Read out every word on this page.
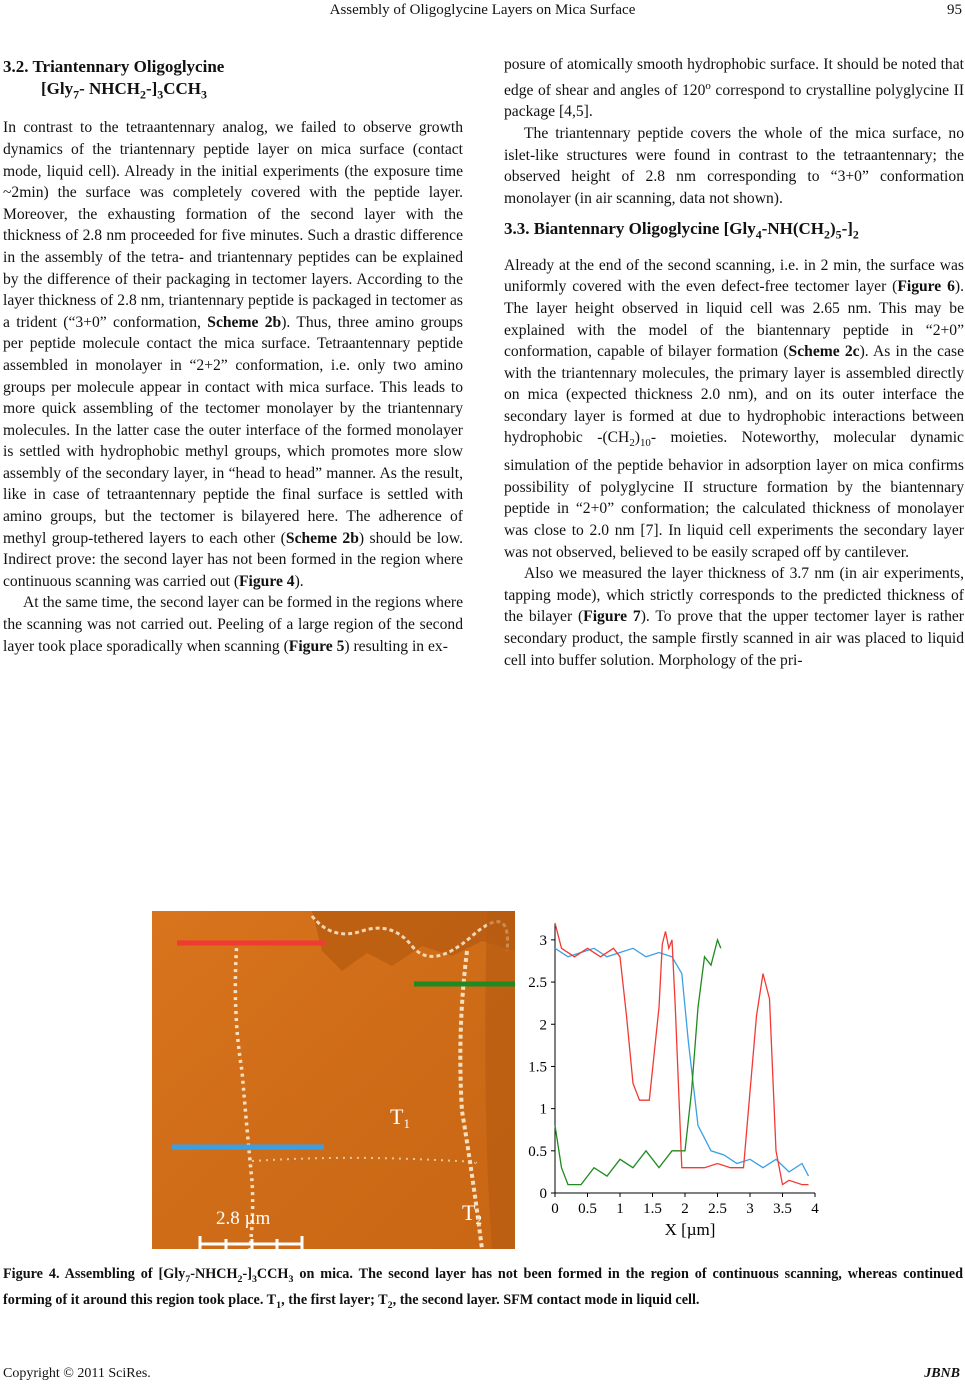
Assembly of Oligoglycine Layers on Mica Surface	95
3.2. Triantennary Oligoglycine
[Gly$_7$- $NHCH_2-]_3CCH_3$

In contrast to the tetraantennary analog, we failed to observe growth dynamics of the triantennary peptide layer on mica surface (contact mode, liquid cell). Already in the initial experiments (the exposure time ~2min) the surface was completely covered with the peptide layer. Moreover, the exhausting formation of the second layer with the thickness of 2.8 nm proceeded for five minutes. Such a drastic difference in the assembly of the tetra- and triantennary peptides can be explained by the difference of their packaging in tectomer layers. According to the layer thickness of 2.8 nm, triantennary peptide is packaged in tectomer as a trident (“3+0” conformation, Scheme 2b). Thus, three amino groups per peptide molecule contact the mica surface. Tetraantennary peptide assembled in monolayer in “2+2” conformation, i.e. only two amino groups per molecule appear in contact with mica surface. This leads to more quick assembling of the tectomer monolayer by the triantennary molecules. In the latter case the outer interface of the formed monolayer is settled with hydrophobic methyl groups, which promotes more slow assembly of the secondary layer, in “head to head” manner. As the result, like in case of tetraantennary peptide the final surface is settled with amino groups, but the tectomer is bilayered here. The adherence of methyl group-tethered layers to each other (Scheme 2b) should be low. Indirect prove: the second layer has not been formed in the region where continuous scanning was carried out (Figure 4).

At the same time, the second layer can be formed in the regions where the scanning was not carried out. Peeling of a large region of the second layer took place sporadically when scanning (Figure 5) resulting in ex-

posure of atomically smooth hydrophobic surface. It should be noted that edge of shear and angles of 120$^o$ correspond to crystalline polyglycine II package [4,5].

The triantennary peptide covers the whole of the mica surface, no islet-like structures were found in contrast to the tetraantennary; the observed height of 2.8 nm corresponding to “3+0” conformation monolayer (in air scanning, data not shown).

3.3. Biantennary Oligoglycine $[Gly_4-NH(CH_2)_5-]_2$

Already at the end of the second scanning, i.e. in 2 min, the surface was uniformly covered with the even defect-free tectomer layer (Figure 6). The layer height observed in liquid cell was 2.65 nm. This may be explained with the model of the biantennary peptide in “2+0” conformation, capable of bilayer formation (Scheme 2c). As in the case with the triantennary molecules, the primary layer is assembled directly on mica (expected thickness 2.0 nm), and on its outer interface the secondary layer is formed at due to hydrophobic interactions between hydrophobic $-(CH_2)_{10}-$ moieties. Noteworthy, molecular dynamic simulation of the peptide behavior in adsorption layer on mica confirms possibility of polyglycine II structure formation by the biantennary peptide in “2+0” conformation; the calculated thickness of monolayer was close to 2.0 nm [7]. In liquid cell experiments the secondary layer was not observed, believed to be easily scraped off by cantilever.

Also we measured the layer thickness of 3.7 nm (in air experiments, tapping mode), which strictly corresponds to the predicted thickness of the bilayer (Figure 7). To prove that the upper tectomer layer is rather secondary product, the sample firstly scanned in air was placed to liquid cell into buffer solution. Morphology of the pri-

T1
T2
2.8 µm
0
0.5
1
1.5
2
2.5
3
0 0.5 1 1.5 2 2.5 3 3.5 4
X [µm]
Figure 4. Assembling of $[Gly_7-NHCH_2-]_3CCH_3$ on mica. The second layer has not been formed in the region of continuous scanning, whereas continued forming of it around this region took place. $T_1$, the first layer; $T_2$, the second layer. SFM contact mode in liquid cell.
Copyright © 2011 SciRes.	JBNB
